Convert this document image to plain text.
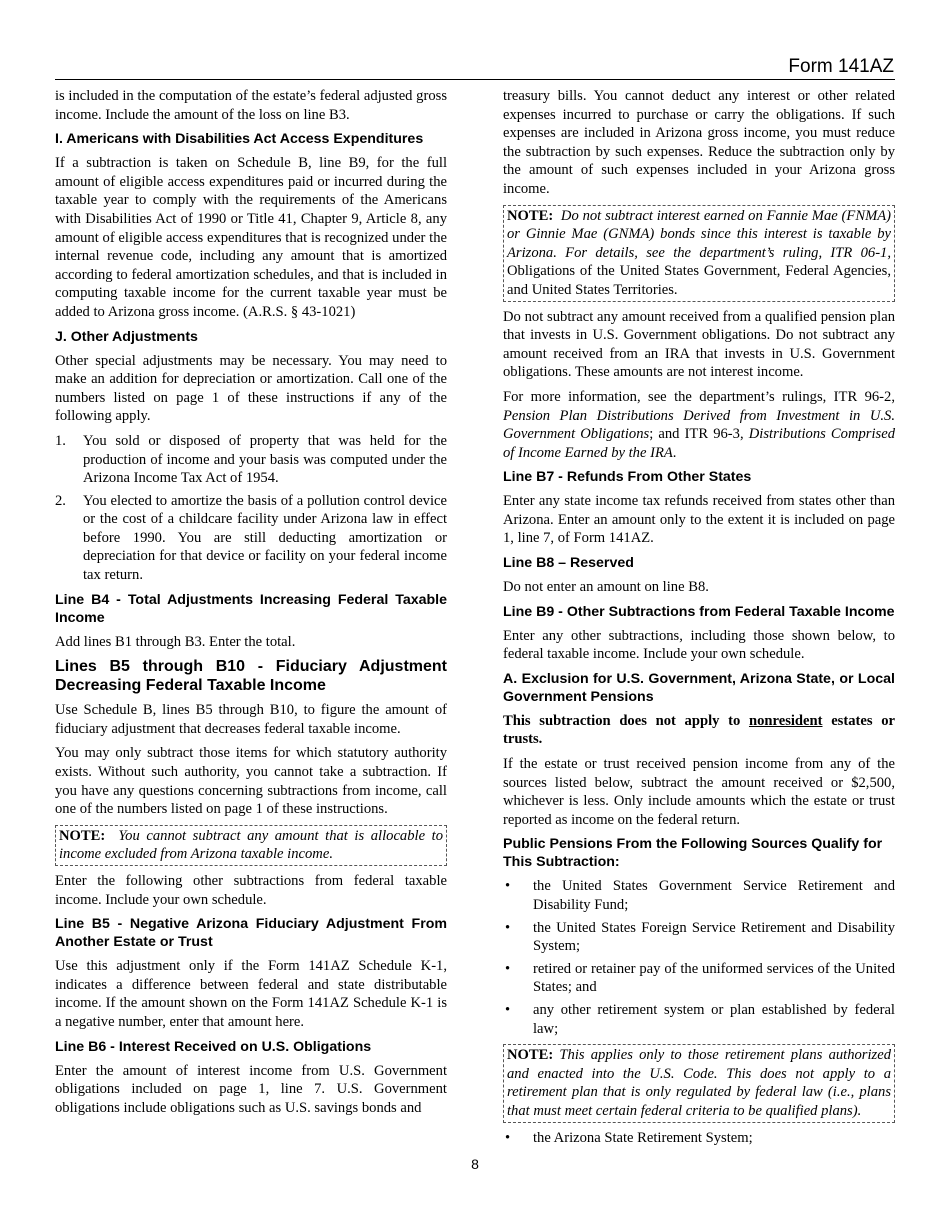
Form 141AZ

is included in the computation of the estate’s federal adjusted gross income. Include the amount of the loss on line B3.

I. Americans with Disabilities Act Access Expenditures

If a subtraction is taken on Schedule B, line B9, for the full amount of eligible access expenditures paid or incurred during the taxable year to comply with the requirements of the Americans with Disabilities Act of 1990 or Title 41, Chapter 9, Article 8, any amount of eligible access expenditures that is recognized under the internal revenue code, including any amount that is amortized according to federal amortization schedules, and that is included in computing taxable income for the current taxable year must be added to Arizona gross income. (A.R.S. § 43-1021)

J. Other Adjustments

Other special adjustments may be necessary. You may need to make an addition for depreciation or amortization. Call one of the numbers listed on page 1 of these instructions if any of the following apply.

1.	You sold or disposed of property that was held for the production of income and your basis was computed under the Arizona Income Tax Act of 1954.
2.	You elected to amortize the basis of a pollution control device or the cost of a childcare facility under Arizona law in effect before 1990. You are still deducting amortization or depreciation for that device or facility on your federal income tax return.
Line B4 - Total Adjustments Increasing Federal Taxable Income

Add lines B1 through B3. Enter the total.

Lines B5 through B10 - Fiduciary Adjustment Decreasing Federal Taxable Income

Use Schedule B, lines B5 through B10, to figure the amount of fiduciary adjustment that decreases federal taxable income.

You may only subtract those items for which statutory authority exists. Without such authority, you cannot take a subtraction. If you have any questions concerning subtractions from income, call one of the numbers listed on page 1 of these instructions.

NOTE: You cannot subtract any amount that is allocable to income excluded from Arizona taxable income.

Enter the following other subtractions from federal taxable income. Include your own schedule.

Line B5 - Negative Arizona Fiduciary Adjustment From Another Estate or Trust

Use this adjustment only if the Form 141AZ Schedule K-1, indicates a difference between federal and state distributable income. If the amount shown on the Form 141AZ Schedule K-1 is a negative number, enter that amount here.

Line B6 - Interest Received on U.S. Obligations

Enter the amount of interest income from U.S. Government obligations included on page 1, line 7. U.S. Government obligations include obligations such as U.S. savings bonds and

treasury bills. You cannot deduct any interest or other related expenses incurred to purchase or carry the obligations. If such expenses are included in Arizona gross income, you must reduce the subtraction by such expenses. Reduce the subtraction only by the amount of such expenses included in your Arizona gross income.

NOTE: Do not subtract interest earned on Fannie Mae (FNMA) or Ginnie Mae (GNMA) bonds since this interest is taxable by Arizona. For details, see the department’s ruling, ITR 06-1, Obligations of the United States Government, Federal Agencies, and United States Territories.

Do not subtract any amount received from a qualified pension plan that invests in U.S. Government obligations. Do not subtract any amount received from an IRA that invests in U.S. Government obligations. These amounts are not interest income.

For more information, see the department’s rulings, ITR 96-2, Pension Plan Distributions Derived from Investment in U.S. Government Obligations; and ITR 96-3, Distributions Comprised of Income Earned by the IRA.

Line B7 - Refunds From Other States

Enter any state income tax refunds received from states other than Arizona. Enter an amount only to the extent it is included on page 1, line 7, of Form 141AZ.

Line B8 – Reserved

Do not enter an amount on line B8.

Line B9 - Other Subtractions from Federal Taxable Income

Enter any other subtractions, including those shown below, to federal taxable income. Include your own schedule.

A. Exclusion for U.S. Government, Arizona State, or Local Government Pensions

This subtraction does not apply to nonresident estates or trusts.

If the estate or trust received pension income from any of the sources listed below, subtract the amount received or $2,500, whichever is less. Only include amounts which the estate or trust reported as income on the federal return.

Public Pensions From the Following Sources Qualify for This Subtraction:
•	the United States Government Service Retirement and Disability Fund;
•	the United States Foreign Service Retirement and Disability System;
•	retired or retainer pay of the uniformed services of the United States; and
•	any other retirement system or plan established by federal law;
NOTE: This applies only to those retirement plans authorized and enacted into the U.S. Code. This does not apply to a retirement plan that is only regulated by federal law (i.e., plans that must meet certain federal criteria to be qualified plans).
•	the Arizona State Retirement System;
8
